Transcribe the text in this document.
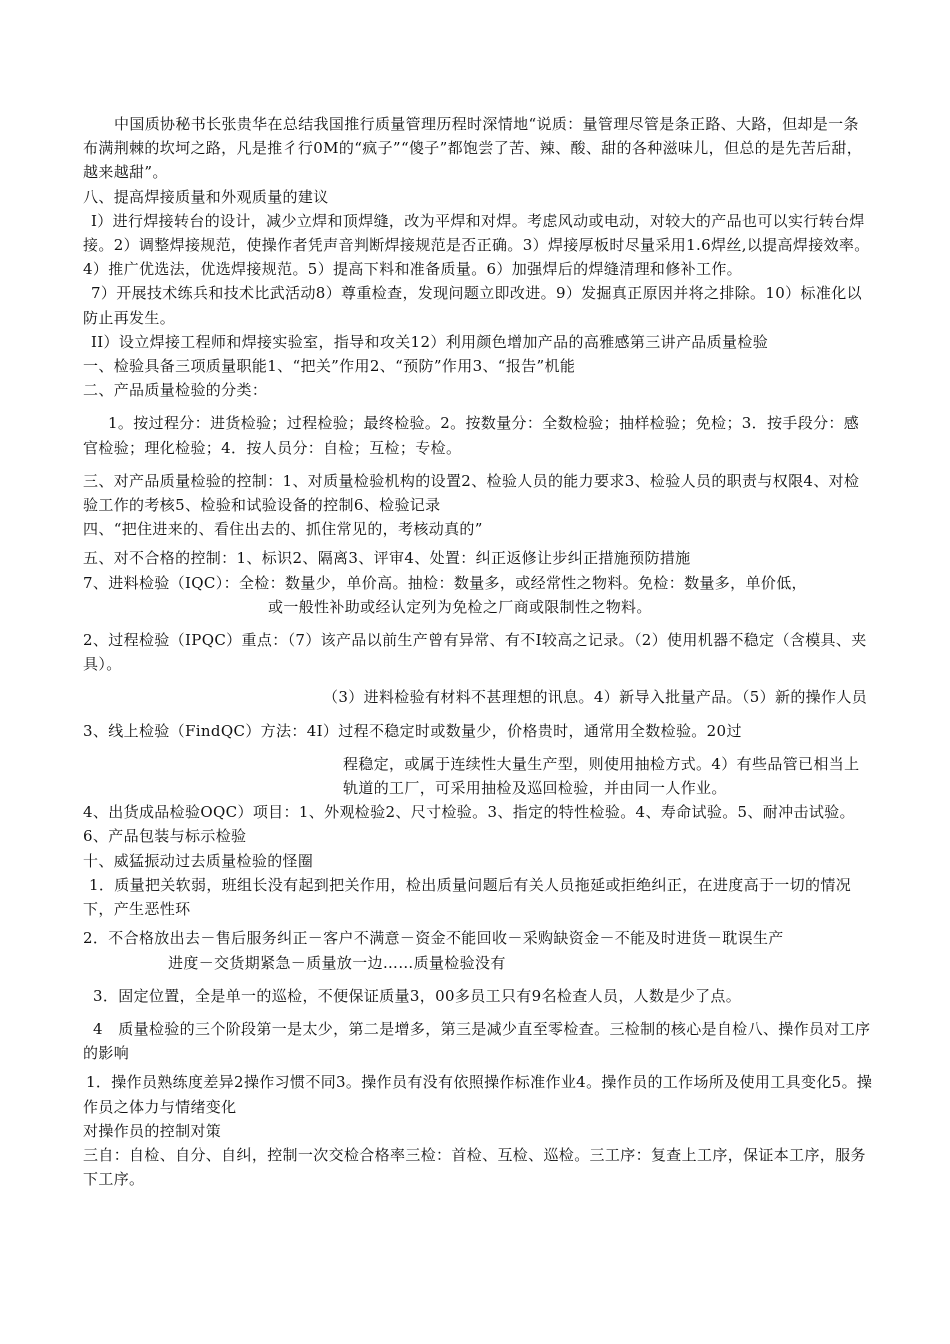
中国质协秘书长张贵华在总结我国推行质量管理历程时深情地“说质：量管理尽管是条正路、大路，但却是一条布满荆棘的坎坷之路，凡是推彳行0M的“疯子”“傻子”都饱尝了苦、辣、酸、甜的各种滋味儿，但总的是先苦后甜，越来越甜”。

八、提高焊接质量和外观质量的建议

I）进行焊接转台的设计，减少立焊和顶焊缝，改为平焊和对焊。考虑风动或电动，对较大的产品也可以实行转台焊接。2）调整焊接规范，使操作者凭声音判断焊接规范是否正确。3）焊接厚板时尽量采用1.6焊丝,以提高焊接效率。4）推广优选法，优选焊接规范。5）提高下料和准备质量。6）加强焊后的焊缝清理和修补工作。

7）开展技术练兵和技术比武活动8）尊重检查，发现问题立即改进。9）发掘真正原因并将之排除。10）标准化以防止再发生。

II）设立焊接工程师和焊接实验室，指导和攻关12）利用颜色增加产品的高雅感第三讲产品质量检验

一、检验具备三项质量职能1、“把关”作用2、“预防”作用3、“报告”机能

二、产品质量检验的分类：

1。按过程分：进货检验；过程检验；最终检验。2。按数量分：全数检验；抽样检验；免检；3．按手段分：感官检验；理化检验；4．按人员分：自检；互检；专检。

三、对产品质量检验的控制：1、对质量检验机构的设置2、检验人员的能力要求3、检验人员的职责与权限4、对检验工作的考核5、检验和试验设备的控制6、检验记录

四、“把住进来的、看住出去的、抓住常见的，考核动真的”

五、对不合格的控制：1、标识2、隔离3、评审4、处置：纠正返修让步纠正措施预防措施

7、进料检验（IQC）：全检：数量少，单价高。抽检：数量多，或经常性之物料。免检：数量多，单价低，

或一般性补助或经认定列为免检之厂商或限制性之物料。

2、过程检验（IPQC）重点：（7）该产品以前生产曾有异常、有不I较高之记录。（2）使用机器不稳定（含模具、夹具）。

（3）进料检验有材料不甚理想的讯息。4）新导入批量产品。（5）新的操作人员

3、线上检验（FindQC）方法：4I）过程不稳定时或数量少，价格贵时，通常用全数检验。20过

程稳定，或属于连续性大量生产型，则使用抽检方式。4）有些品管已相当上轨道的工厂，可采用抽检及巡回检验，并由同一人作业。

4、出货成品检验OQC）项目：1、外观检验2、尺寸检验。3、指定的特性检验。4、寿命试验。5、耐冲击试验。6、产品包装与标示检验

十、威猛振动过去质量检验的怪圈

1．质量把关软弱，班组长没有起到把关作用，检出质量问题后有关人员拖延或拒绝纠正，在进度高于一切的情况下，产生恶性环

2．不合格放出去－售后服务纠正－客户不满意－资金不能回收－采购缺资金－不能及时进货－耽误生产

进度－交货期紧急－质量放一边……质量检验没有

3．固定位置，全是单一的巡检，不便保证质量3，00多员工只有9名检查人员，人数是少了点。

4　质量检验的三个阶段第一是太少，第二是增多，第三是减少直至零检查。三检制的核心是自检八、操作员对工序的影响

1．操作员熟练度差异2操作习惯不同3。操作员有没有依照操作标准作业4。操作员的工作场所及使用工具变化5。操作员之体力与情绪变化

对操作员的控制对策

三自：自检、自分、自纠，控制一次交检合格率三检：首检、互检、巡检。三工序：复查上工序，保证本工序，服务下工序。
